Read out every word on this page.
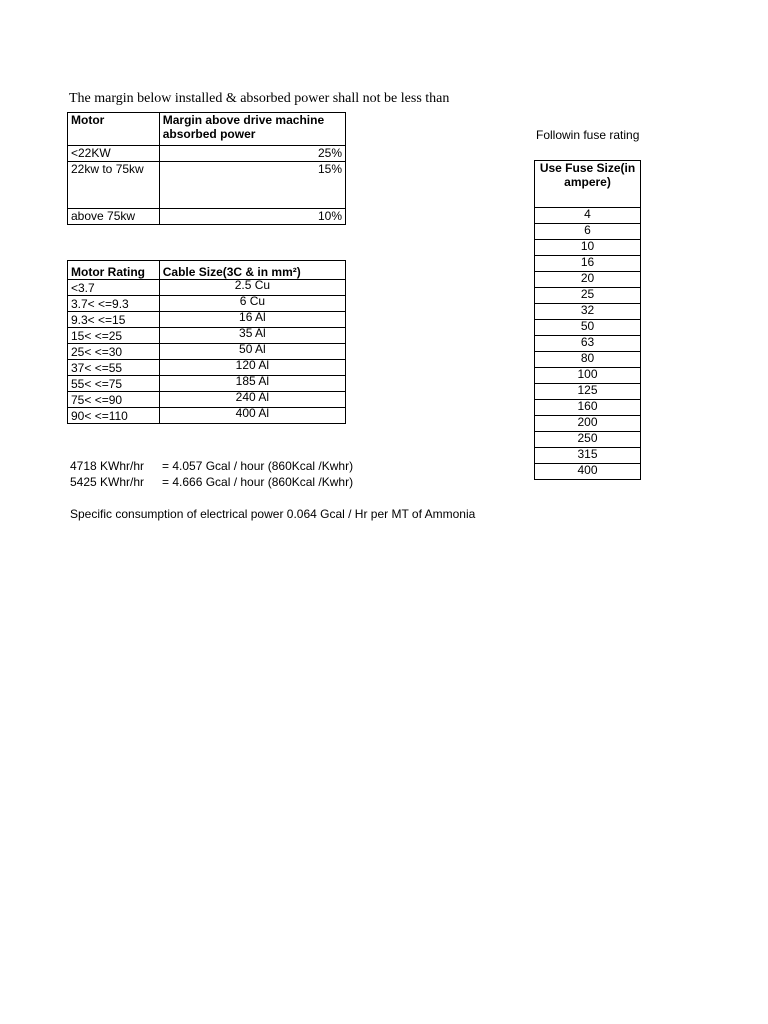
The margin below installed & absorbed power shall not be less than
Followin fuse rating
Motor	Margin above drive machine absorbed power
<22KW	25%
22kw to 75kw	15%
above 75kw	10%
Motor Rating	Cable Size(3C & in mm²)
<3.7	2.5 Cu
3.7< <=9.3	6 Cu
9.3< <=15	16 Al
15< <=25	35 Al
25< <=30	50 Al
37< <=55	120 Al
55< <=75	185 Al
75< <=90	240 Al
90< <=110	400 Al
Use Fuse Size(in ampere)
4
6
10
16
20
25
32
50
63
80
100
125
160
200
250
315
400
4718 KWhr/hr = 4.057 Gcal / hour (860Kcal /Kwhr)
5425 KWhr/hr = 4.666 Gcal / hour (860Kcal /Kwhr)
Specific consumption of electrical power 0.064 Gcal / Hr per MT of Ammonia
